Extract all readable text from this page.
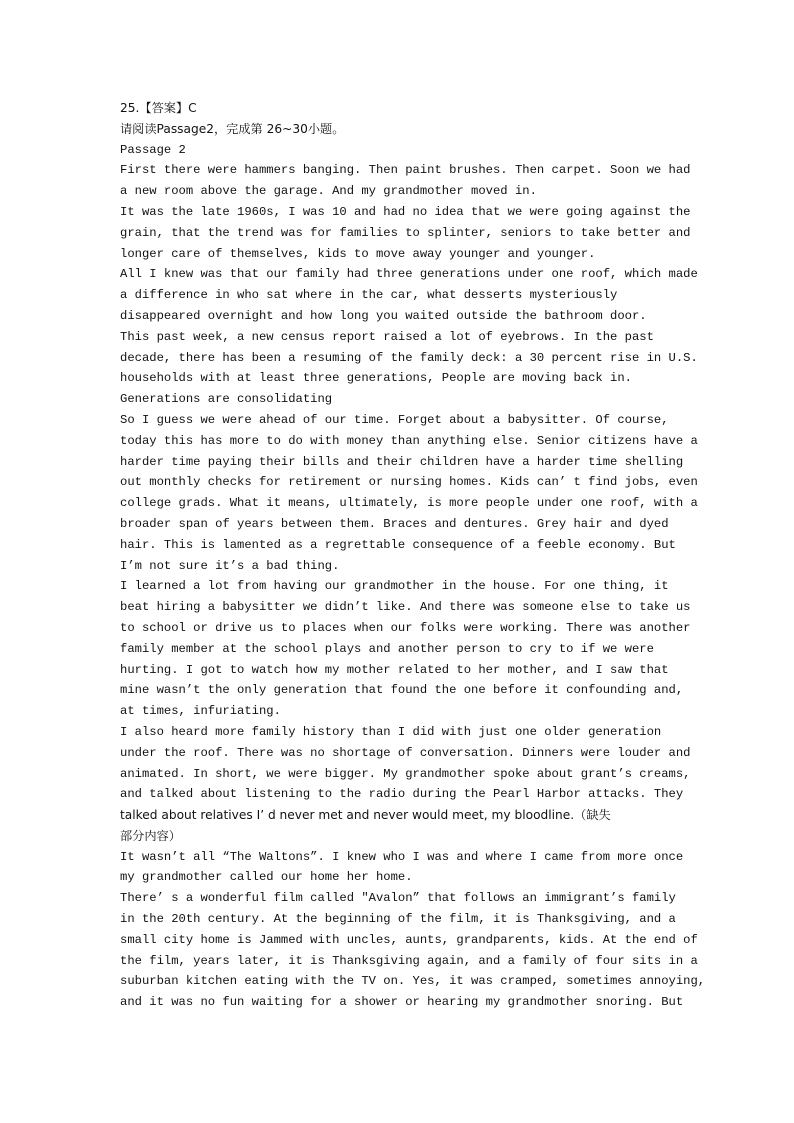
25.【答案】C
请阅读Passage2，完成第 26~30小题。
Passage 2
First there were hammers banging. Then paint brushes. Then carpet. Soon we had
a new room above the garage. And my grandmother moved in.
It was the late 1960s, I was 10 and had no idea that we were going against the
grain, that the trend was for families to splinter, seniors to take better and
longer care of themselves, kids to move away younger and younger.
All I knew was that our family had three generations under one roof, which made
a difference in who sat where in the car, what desserts mysteriously
disappeared overnight and how long you waited outside the bathroom door.
This past week, a new census report raised a lot of eyebrows. In the past
decade, there has been a resuming of the family deck: a 30 percent rise in U.S.
households with at least three generations, People are moving back in.
Generations are consolidating
So I guess we were ahead of our time. Forget about a babysitter. Of course,
today this has more to do with money than anything else. Senior citizens have a
harder time paying their bills and their children have a harder time shelling
out monthly checks for retirement or nursing homes. Kids can’ t find jobs, even
college grads. What it means, ultimately, is more people under one roof, with a
broader span of years between them. Braces and dentures. Grey hair and dyed
hair. This is lamented as a regrettable consequence of a feeble economy. But
I’m not sure it’s a bad thing.
I learned a lot from having our grandmother in the house. For one thing, it
beat hiring a babysitter we didn’t like. And there was someone else to take us
to school or drive us to places when our folks were working. There was another
family member at the school plays and another person to cry to if we were
hurting. I got to watch how my mother related to her mother, and I saw that
mine wasn’t the only generation that found the one before it confounding and,
at times, infuriating.
I also heard more family history than I did with just one older generation
under the roof. There was no shortage of conversation. Dinners were louder and
animated. In short, we were bigger. My grandmother spoke about grant’s creams,
and talked about listening to the radio during the Pearl Harbor attacks. They
talked about relatives I’ d never met and never would meet, my bloodline.（缺失
部分内容）
It wasn’t all “The Waltons”. I knew who I was and where I came from more once
my grandmother called our home her home.
There’ s a wonderful film called ″Avalon” that follows an immigrant’s family
in the 20th century. At the beginning of the film, it is Thanksgiving, and a
small city home is Jammed with uncles, aunts, grandparents, kids. At the end of
the film, years later, it is Thanksgiving again, and a family of four sits in a
suburban kitchen eating with the TV on. Yes, it was cramped, sometimes annoying,
and it was no fun waiting for a shower or hearing my grandmother snoring. But
